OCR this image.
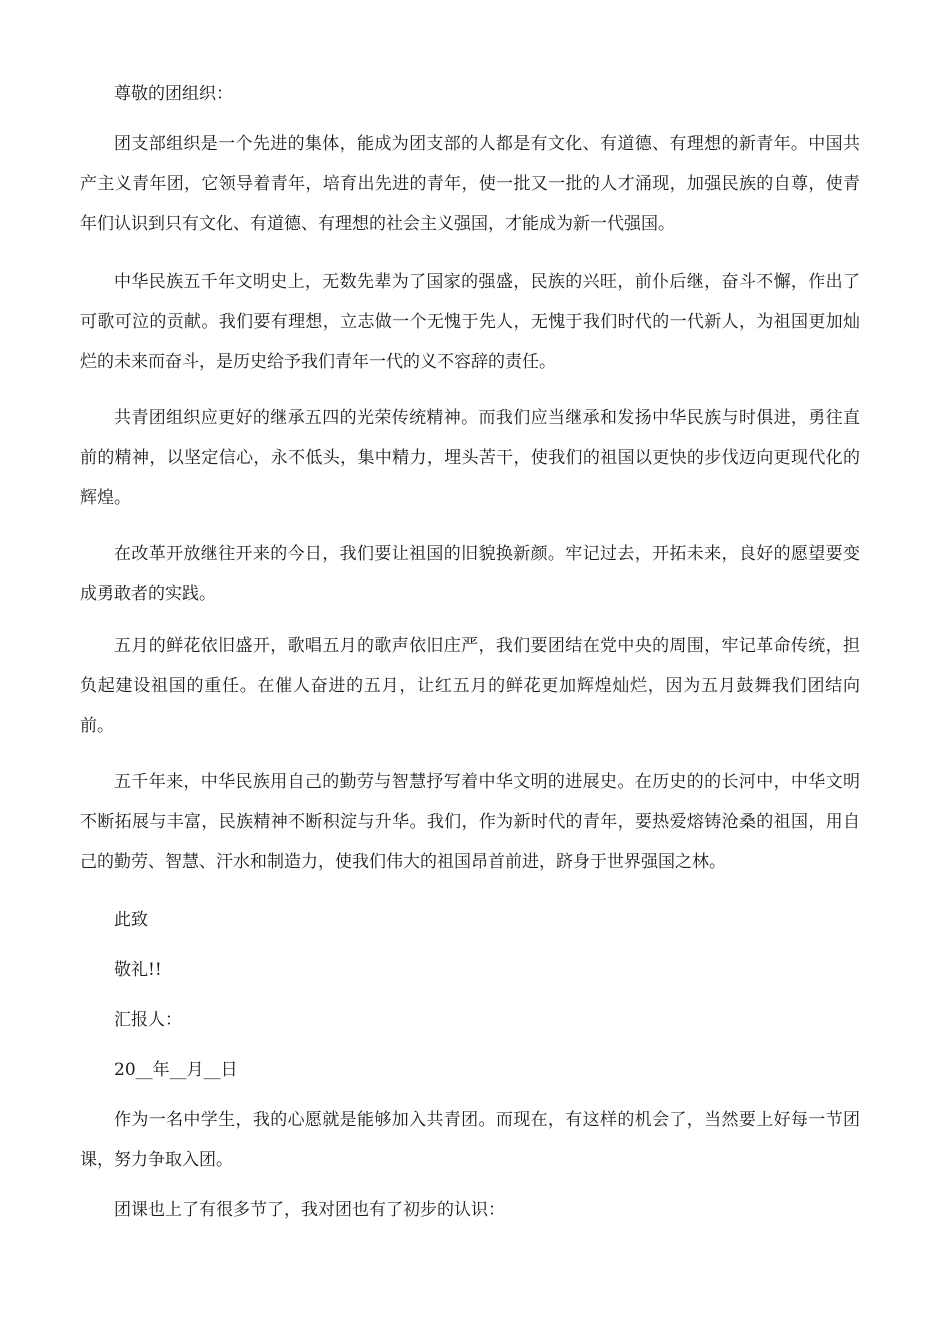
尊敬的团组织：

团支部组织是一个先进的集体，能成为团支部的人都是有文化、有道德、有理想的新青年。中国共产主义青年团，它领导着青年，培育出先进的青年，使一批又一批的人才涌现，加强民族的自尊，使青年们认识到只有文化、有道德、有理想的社会主义强国，才能成为新一代强国。

中华民族五千年文明史上，无数先辈为了国家的强盛，民族的兴旺，前仆后继，奋斗不懈，作出了可歌可泣的贡献。我们要有理想，立志做一个无愧于先人，无愧于我们时代的一代新人，为祖国更加灿烂的未来而奋斗，是历史给予我们青年一代的义不容辞的责任。

共青团组织应更好的继承五四的光荣传统精神。而我们应当继承和发扬中华民族与时俱进，勇往直前的精神，以坚定信心，永不低头，集中精力，埋头苦干，使我们的祖国以更快的步伐迈向更现代化的辉煌。

在改革开放继往开来的今日，我们要让祖国的旧貌换新颜。牢记过去，开拓未来，良好的愿望要变成勇敢者的实践。

五月的鲜花依旧盛开，歌唱五月的歌声依旧庄严，我们要团结在党中央的周围，牢记革命传统，担负起建设祖国的重任。在催人奋进的五月，让红五月的鲜花更加辉煌灿烂，因为五月鼓舞我们团结向前。

五千年来，中华民族用自己的勤劳与智慧抒写着中华文明的进展史。在历史的的长河中，中华文明不断拓展与丰富，民族精神不断积淀与升华。我们，作为新时代的青年，要热爱熔铸沧桑的祖国，用自己的勤劳、智慧、汗水和制造力，使我们伟大的祖国昂首前进，跻身于世界强国之林。

此致

敬礼!!

汇报人：

20__年__月__日

作为一名中学生，我的心愿就是能够加入共青团。而现在，有这样的机会了，当然要上好每一节团课，努力争取入团。

团课也上了有很多节了，我对团也有了初步的认识：
